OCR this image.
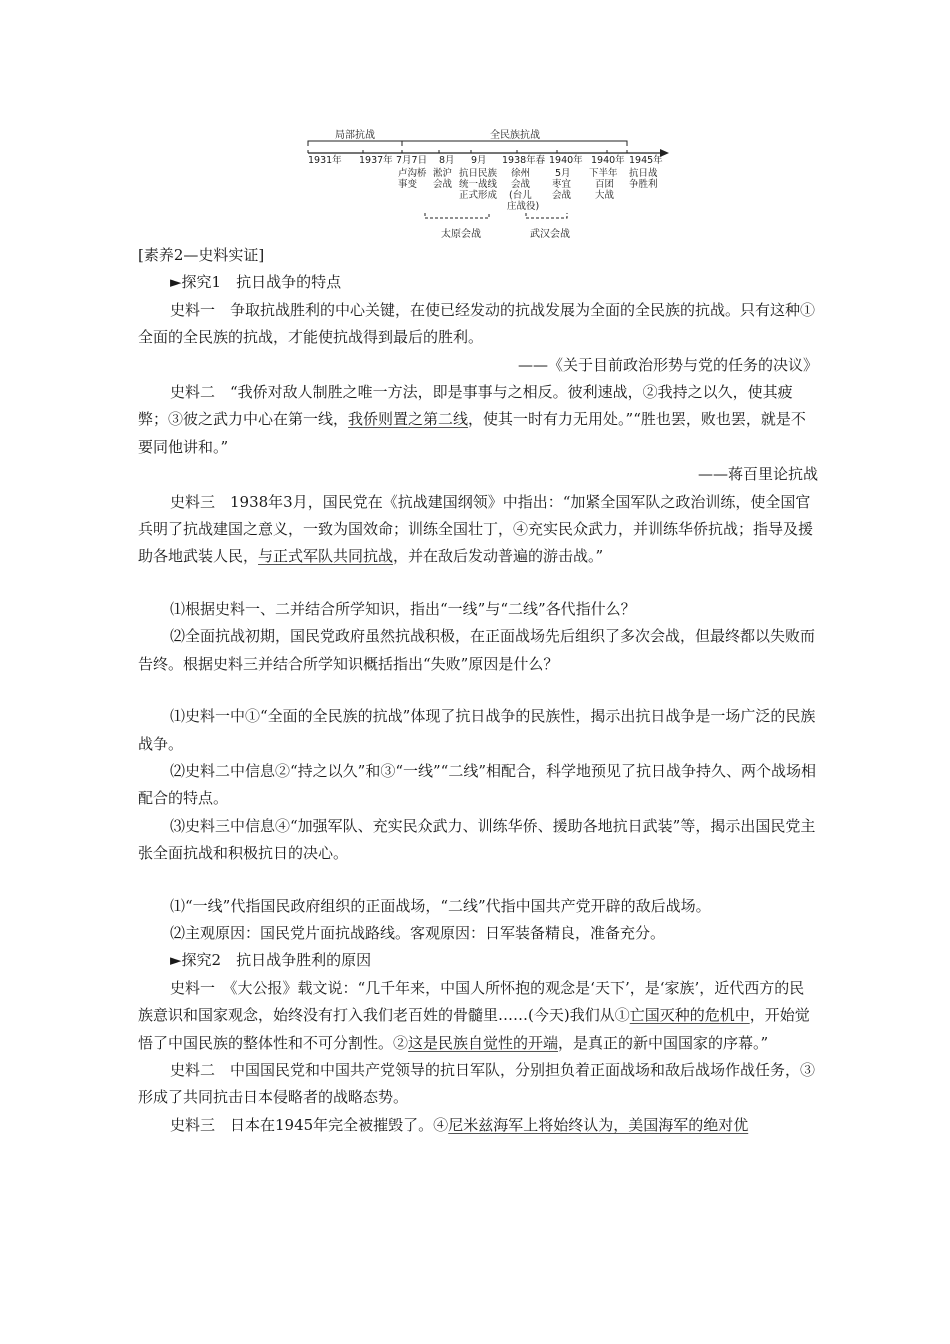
局部抗战	全民族抗战
1931年 1937年 7月7日 8月 9月 1938年春 1940年 1940年 1945年
卢沟桥
事变
淞沪
会战
抗日民族
统一战线
正式形成
徐州
会战
(台儿
庄战役)
5月
枣宜
会战
下半年
百团
大战
抗日战
争胜利
太原会战	武汉会战

[素养2—史料实证]

►探究1　抗日战争的特点

史料一　争取抗战胜利的中心关键，在使已经发动的抗战发展为全面的全民族的抗战。只有这种①全面的全民族的抗战，才能使抗战得到最后的胜利。

——《关于目前政治形势与党的任务的决议》

史料二　“我侨对敌人制胜之唯一方法，即是事事与之相反。彼利速战，②我持之以久，使其疲弊；③彼之武力中心在第一线，我侨则置之第二线，使其一时有力无用处。”“胜也罢，败也罢，就是不要同他讲和。”

——蒋百里论抗战

史料三　1938年3月，国民党在《抗战建国纲领》中指出：“加紧全国军队之政治训练，使全国官兵明了抗战建国之意义，一致为国效命；训练全国壮丁，④充实民众武力，并训练华侨抗战；指导及援助各地武装人民，与正式军队共同抗战，并在敌后发动普遍的游击战。”

⑴根据史料一、二并结合所学知识，指出“一线”与“二线”各代指什么？

⑵全面抗战初期，国民党政府虽然抗战积极，在正面战场先后组织了多次会战，但最终都以失败而告终。根据史料三并结合所学知识概括指出“失败”原因是什么？

⑴史料一中①“全面的全民族的抗战”体现了抗日战争的民族性，揭示出抗日战争是一场广泛的民族战争。

⑵史料二中信息②“持之以久”和③“一线”“二线”相配合，科学地预见了抗日战争持久、两个战场相配合的特点。

⑶史料三中信息④“加强军队、充实民众武力、训练华侨、援助各地抗日武装”等，揭示出国民党主张全面抗战和积极抗日的决心。

⑴“一线”代指国民政府组织的正面战场，“二线”代指中国共产党开辟的敌后战场。

⑵主观原因：国民党片面抗战路线。客观原因：日军装备精良，准备充分。

►探究2　抗日战争胜利的原因

史料一　《大公报》载文说：“几千年来，中国人所怀抱的观念是‘天下’，是‘家族’，近代西方的民族意识和国家观念，始终没有打入我们老百姓的骨髓里……(今天)我们从①亡国灭种的危机中，开始觉悟了中国民族的整体性和不可分割性。②这是民族自觉性的开端，是真正的新中国国家的序幕。”

史料二　中国国民党和中国共产党领导的抗日军队，分别担负着正面战场和敌后战场作战任务，③形成了共同抗击日本侵略者的战略态势。

史料三　日本在1945年完全被摧毁了。④尼米兹海军上将始终认为，美国海军的绝对优
